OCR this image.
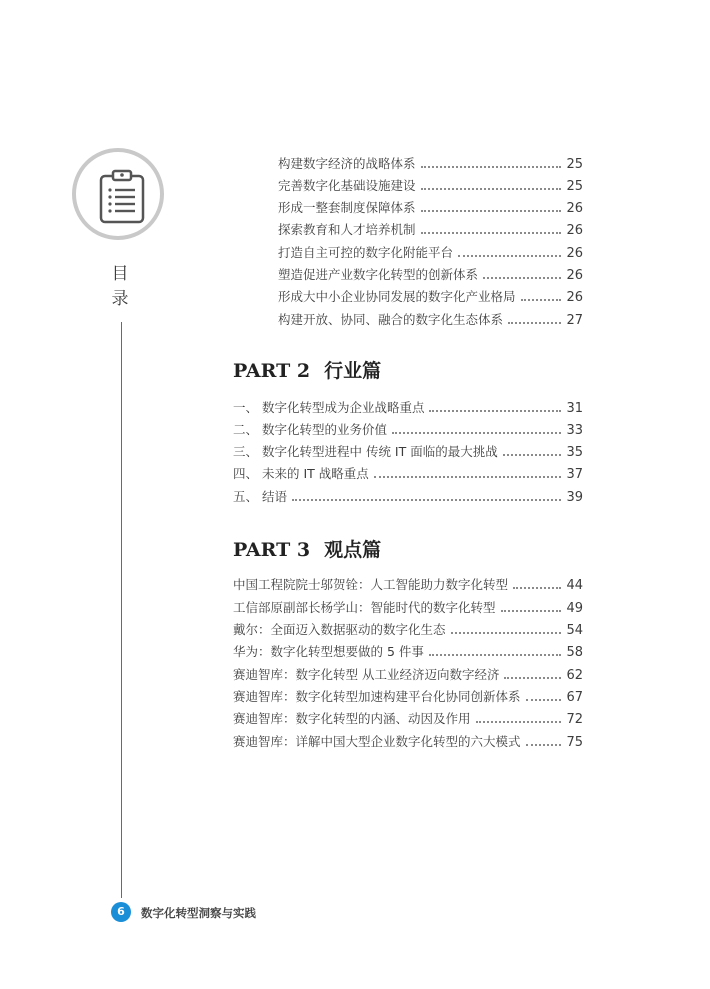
目
录
构建数字经济的战略体系	25
完善数字化基础设施建设	25
形成一整套制度保障体系	26
探索教育和人才培养机制	26
打造自主可控的数字化附能平台	26
塑造促进产业数字化转型的创新体系	26
形成大中小企业协同发展的数字化产业格局	26
构建开放、协同、融合的数字化生态体系	27
PART 2 行业篇
一、 数字化转型成为企业战略重点	31
二、 数字化转型的业务价值	33
三、 数字化转型进程中 传统 IT 面临的最大挑战	35
四、 未来的 IT 战略重点	37
五、 结语	39
PART 3 观点篇
中国工程院院士邬贺铨：人工智能助力数字化转型	44
工信部原副部长杨学山：智能时代的数字化转型	49
戴尔：全面迈入数据驱动的数字化生态	54
华为：数字化转型想要做的 5 件事	58
赛迪智库：数字化转型 从工业经济迈向数字经济	62
赛迪智库：数字化转型加速构建平台化协同创新体系	67
赛迪智库：数字化转型的内涵、动因及作用	72
赛迪智库：详解中国大型企业数字化转型的六大模式	75
6	数字化转型洞察与实践
